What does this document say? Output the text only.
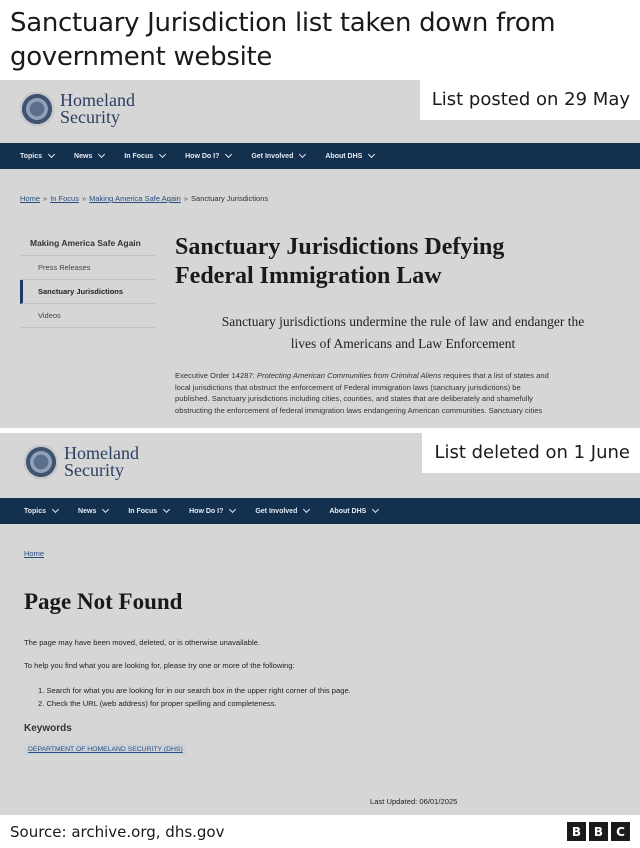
Sanctuary Jurisdiction list taken down from government website
Homeland
Security
List posted on 29 May
Topics	News	In Focus	How Do I?	Get Involved	About DHS
Home » In Focus » Making America Safe Again » Sanctuary Jurisdictions
Making America Safe Again
Press Releases
Sanctuary Jurisdictions
Videos
Sanctuary Jurisdictions Defying
Federal Immigration Law
Sanctuary jurisdictions undermine the rule of law and endanger the
lives of Americans and Law Enforcement
Executive Order 14287: Protecting American Communities from Criminal Aliens requires that a list of states and
local jurisdictions that obstruct the enforcement of Federal immigration laws (sanctuary jurisdictions) be
published. Sanctuary jurisdictions including cities, counties, and states that are deliberately and shamefully
obstructing the enforcement of federal immigration laws endangering American communities. Sanctuary cities
Homeland
Security
List deleted on 1 June
Topics	News	In Focus	How Do I?	Get Involved	About DHS
Home
Page Not Found
The page may have been moved, deleted, or is otherwise unavailable.
To help you find what you are looking for, please try one or more of the following:
1. Search for what you are looking for in our search box in the upper right corner of this page.
2. Check the URL (web address) for proper spelling and completeness.
Keywords
DEPARTMENT OF HOMELAND SECURITY (DHS)
Last Updated: 06/01/2025
Source: archive.org, dhs.gov	B	B	C
